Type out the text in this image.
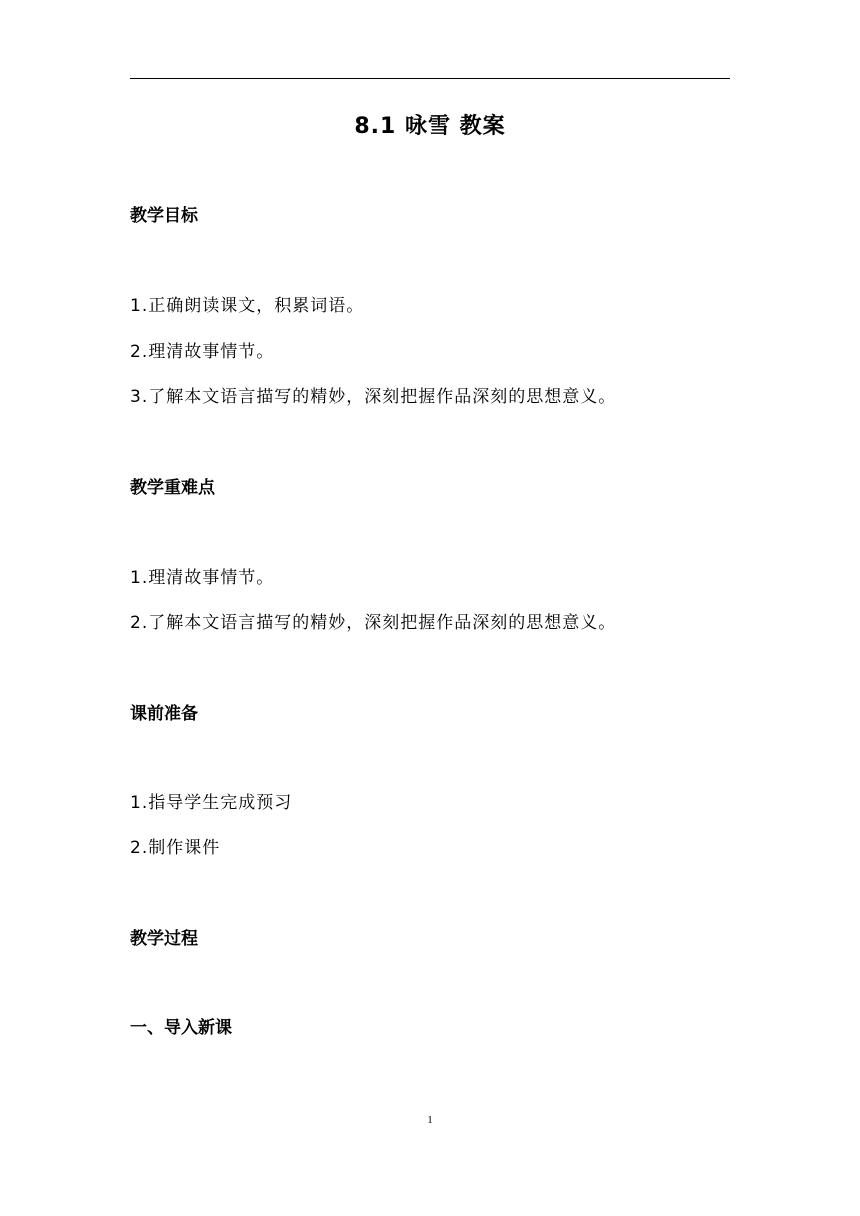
8.1 咏雪 教案
教学目标
1.正确朗读课文，积累词语。
2.理清故事情节。
3.了解本文语言描写的精妙，深刻把握作品深刻的思想意义。
教学重难点
1.理清故事情节。
2.了解本文语言描写的精妙，深刻把握作品深刻的思想意义。
课前准备
1.指导学生完成预习
2.制作课件
教学过程
一、导入新课
1
